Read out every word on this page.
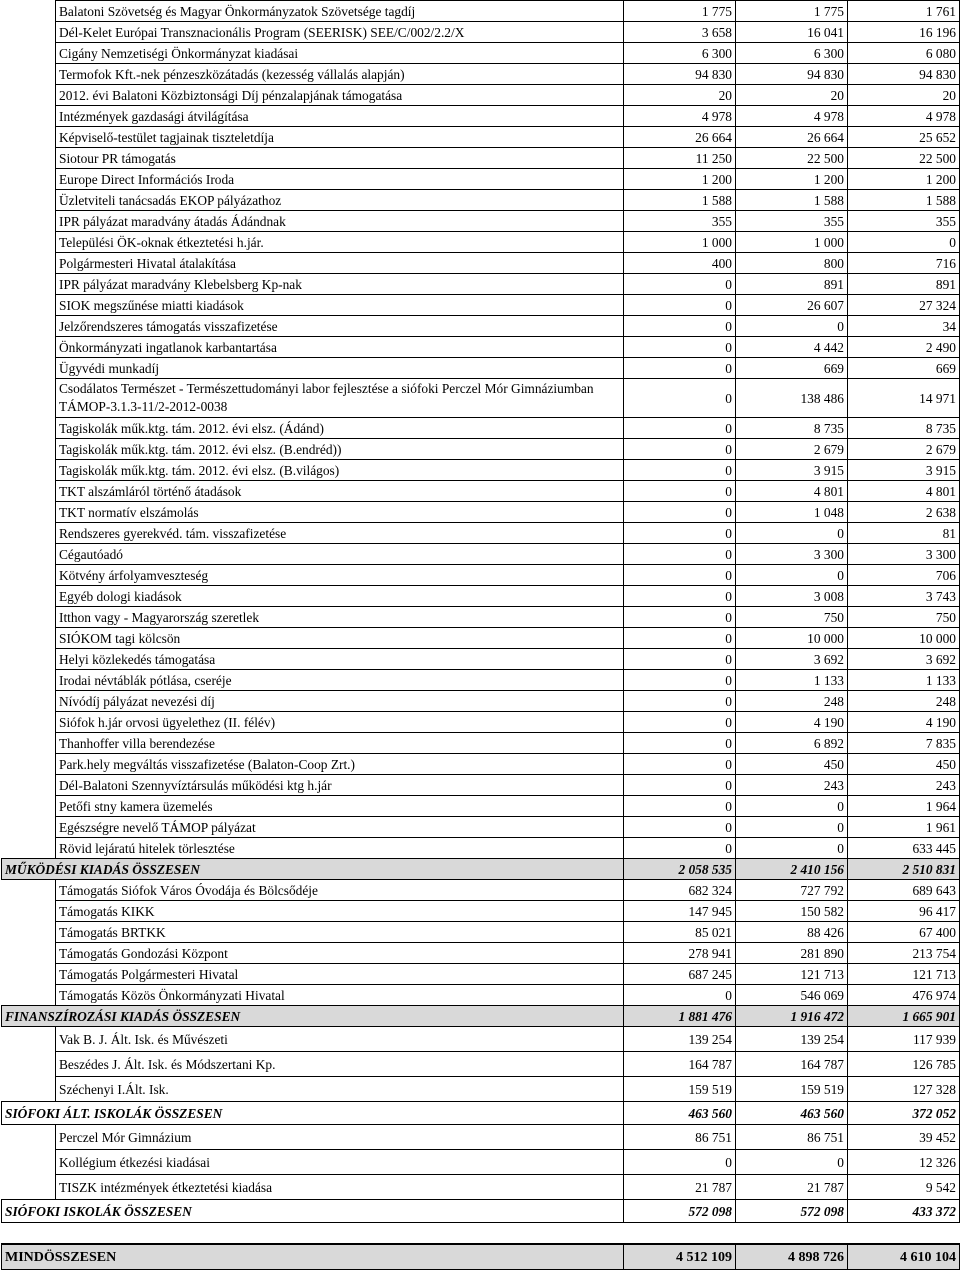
	Balatoni Szövetség és Magyar Önkormányzatok Szövetsége tagdíj	1 775	1 775	1 761
	Dél-Kelet Európai Transznacionális Program (SEERISK) SEE/C/002/2.2/X	3 658	16 041	16 196
	Cigány Nemzetiségi Önkormányzat kiadásai	6 300	6 300	6 080
	Termofok Kft.-nek pénzeszközátadás (kezesség vállalás alapján)	94 830	94 830	94 830
	2012. évi Balatoni Közbiztonsági Díj pénzalapjának támogatása	20	20	20
	Intézmények gazdasági átvilágítása	4 978	4 978	4 978
	Képviselő-testület tagjainak tiszteletdíja	26 664	26 664	25 652
	Siotour PR támogatás	11 250	22 500	22 500
	Europe Direct Információs Iroda	1 200	1 200	1 200
	Üzletviteli tanácsadás EKOP pályázathoz	1 588	1 588	1 588
	IPR pályázat maradvány átadás Ádándnak	355	355	355
	Települési ÖK-oknak étkeztetési h.jár.	1 000	1 000	0
	Polgármesteri Hivatal átalakítása	400	800	716
	IPR pályázat maradvány Klebelsberg Kp-nak	0	891	891
	SIOK megszűnése miatti kiadások	0	26 607	27 324
	Jelzőrendszeres támogatás visszafizetése	0	0	34
	Önkormányzati ingatlanok karbantartása	0	4 442	2 490
	Ügyvédi munkadíj	0	669	669
	Csodálatos Természet - Természettudományi labor fejlesztése a siófoki Perczel Mór Gimnáziumban TÁMOP-3.1.3-11/2-2012-0038	0	138 486	14 971
	Tagiskolák műk.ktg. tám. 2012. évi elsz. (Ádánd)	0	8 735	8 735
	Tagiskolák műk.ktg. tám. 2012. évi elsz. (B.endréd))	0	2 679	2 679
	Tagiskolák műk.ktg. tám. 2012. évi elsz. (B.világos)	0	3 915	3 915
	TKT alszámláról történő átadások	0	4 801	4 801
	TKT normatív elszámolás	0	1 048	2 638
	Rendszeres gyerekvéd. tám. visszafizetése	0	0	81
	Cégautóadó	0	3 300	3 300
	Kötvény árfolyamveszteség	0	0	706
	Egyéb dologi kiadások	0	3 008	3 743
	Itthon vagy - Magyarország szeretlek	0	750	750
	SIÓKOM tagi kölcsön	0	10 000	10 000
	Helyi közlekedés támogatása	0	3 692	3 692
	Irodai névtáblák pótlása, cseréje	0	1 133	1 133
	Nívódíj pályázat nevezési díj	0	248	248
	Siófok h.jár orvosi ügyelethez (II. félév)	0	4 190	4 190
	Thanhoffer villa berendezése	0	6 892	7 835
	Park.hely megváltás visszafizetése (Balaton-Coop Zrt.)	0	450	450
	Dél-Balatoni Szennyvíztársulás működési ktg h.jár	0	243	243
	Petőfi stny kamera üzemelés	0	0	1 964
	Egészségre nevelő TÁMOP pályázat	0	0	1 961
	Rövid lejáratú hitelek törlesztése	0	0	633 445
MŰKÖDÉSI KIADÁS ÖSSZESEN		2 058 535	2 410 156	2 510 831
	Támogatás Siófok Város Óvodája és Bölcsődéje	682 324	727 792	689 643
	Támogatás KIKK	147 945	150 582	96 417
	Támogatás BRTKK	85 021	88 426	67 400
	Támogatás Gondozási Központ	278 941	281 890	213 754
	Támogatás Polgármesteri Hivatal	687 245	121 713	121 713
	Támogatás Közös Önkormányzati Hivatal	0	546 069	476 974
FINANSZÍROZÁSI KIADÁS ÖSSZESEN		1 881 476	1 916 472	1 665 901
	Vak B. J. Ált. Isk. és Művészeti	139 254	139 254	117 939
	Beszédes J. Ált. Isk. és Módszertani Kp.	164 787	164 787	126 785
	Széchenyi I.Ált. Isk.	159 519	159 519	127 328
SIÓFOKI ÁLT. ISKOLÁK ÖSSZESEN		463 560	463 560	372 052
	Perczel Mór Gimnázium	86 751	86 751	39 452
	Kollégium étkezési kiadásai	0	0	12 326
	TISZK intézmények étkeztetési kiadása	21 787	21 787	9 542
SIÓFOKI ISKOLÁK ÖSSZESEN		572 098	572 098	433 372

MINDÖSSZESEN		4 512 109	4 898 726	4 610 104
